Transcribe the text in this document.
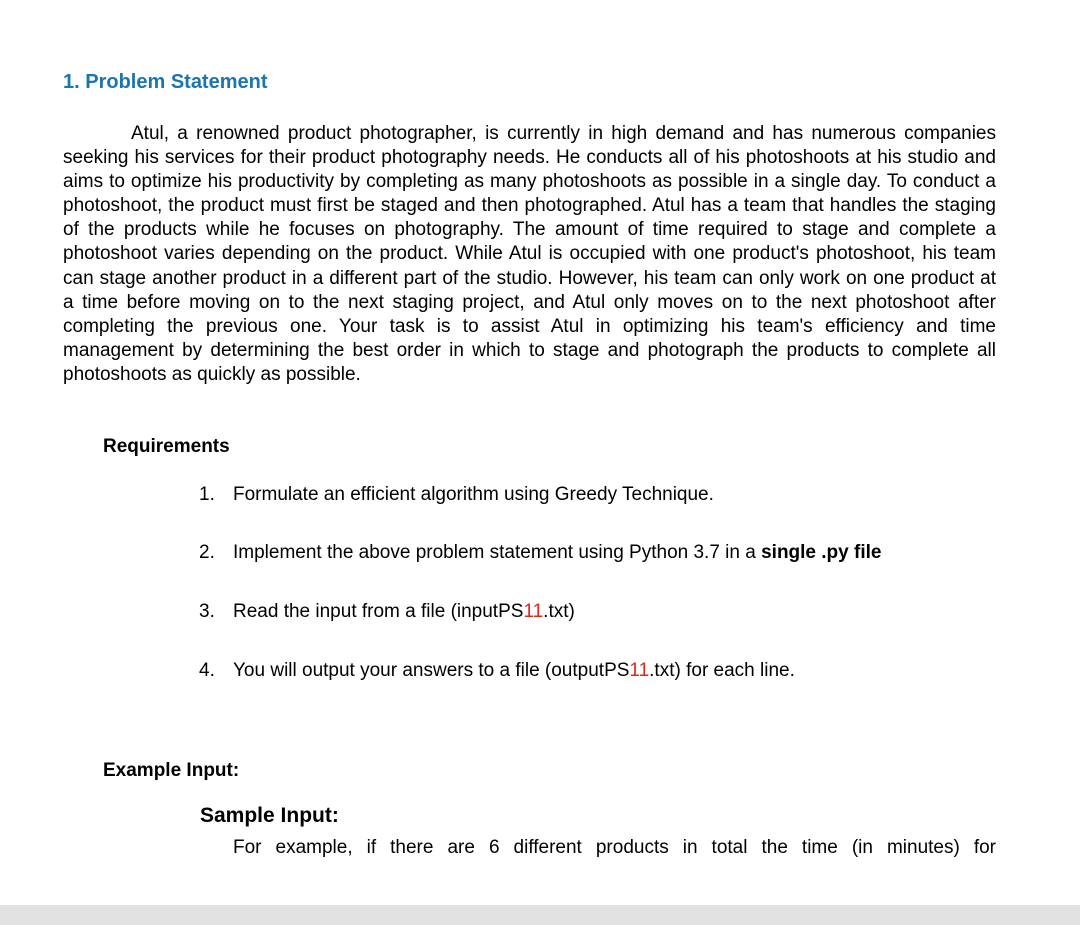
1. Problem Statement

Atul, a renowned product photographer, is currently in high demand and has numerous companies seeking his services for their product photography needs. He conducts all of his photoshoots at his studio and aims to optimize his productivity by completing as many photoshoots as possible in a single day. To conduct a photoshoot, the product must first be staged and then photographed. Atul has a team that handles the staging of the products while he focuses on photography. The amount of time required to stage and complete a photoshoot varies depending on the product. While Atul is occupied with one product's photoshoot, his team can stage another product in a different part of the studio. However, his team can only work on one product at a time before moving on to the next staging project, and Atul only moves on to the next photoshoot after completing the previous one. Your task is to assist Atul in optimizing his team's efficiency and time management by determining the best order in which to stage and photograph the products to complete all photoshoots as quickly as possible.

Requirements

1. Formulate an efficient algorithm using Greedy Technique.

2. Implement the above problem statement using Python 3.7 in a single .py file

3. Read the input from a file (inputPS11.txt)

4. You will output your answers to a file (outputPS11.txt) for each line.

Example Input:
Sample Input:

For example, if there are 6 different products in total the time (in minutes) for
